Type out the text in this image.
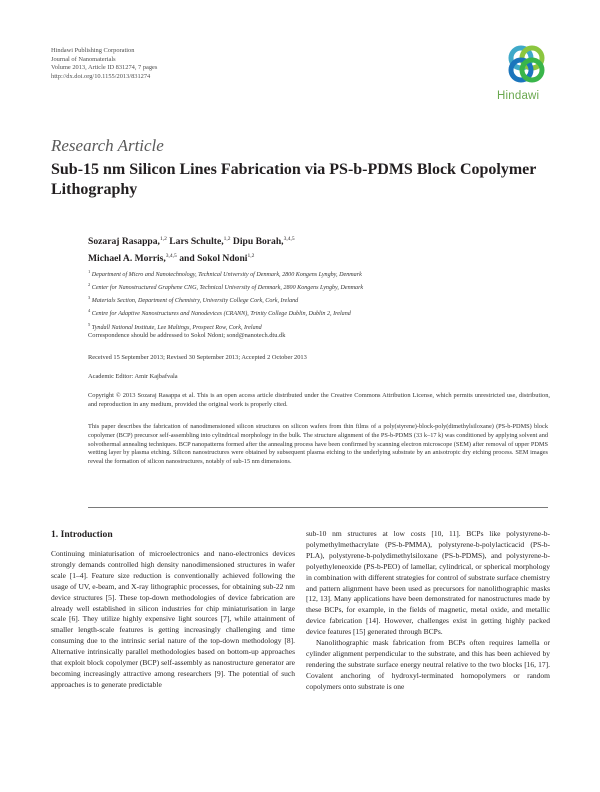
Hindawi Publishing Corporation
Journal of Nanomaterials
Volume 2013, Article ID 831274, 7 pages
http://dx.doi.org/10.1155/2013/831274
Hindawi
Research Article
Sub-15 nm Silicon Lines Fabrication via PS-b-PDMS Block Copolymer Lithography
Sozaraj Rasappa,$^{1,2}$ Lars Schulte,$^{1,2}$ Dipu Borah,$^{3,4,5}$
Michael A. Morris,$^{3,4,5}$ and Sokol Ndoni$^{1,2}$
$^1$ Department of Micro and Nanotechnology, Technical University of Denmark, 2800 Kongens Lyngby, Denmark
$^2$ Center for Nanostructured Graphene CNG, Technical University of Denmark, 2800 Kongens Lyngby, Denmark
$^3$ Materials Section, Department of Chemistry, University College Cork, Cork, Ireland
$^4$ Centre for Adaptive Nanostructures and Nanodevices (CRANN), Trinity College Dublin, Dublin 2, Ireland
$^5$ Tyndall National Institute, Lee Maltings, Prospect Row, Cork, Ireland
Correspondence should be addressed to Sokol Ndoni; sond@nanotech.dtu.dk
Received 15 September 2013; Revised 30 September 2013; Accepted 2 October 2013
Academic Editor: Amir Kajbafvala
Copyright © 2013 Sozaraj Rasappa et al. This is an open access article distributed under the Creative Commons Attribution License, which permits unrestricted use, distribution, and reproduction in any medium, provided the original work is properly cited.
This paper describes the fabrication of nanodimensioned silicon structures on silicon wafers from thin films of a poly(styrene)-block-poly(dimethylsiloxane) (PS-b-PDMS) block copolymer (BCP) precursor self-assembling into cylindrical morphology in the bulk. The structure alignment of the PS-b-PDMS (33 k–17 k) was conditioned by applying solvent and solvothermal annealing techniques. BCP nanopatterns formed after the annealing process have been confirmed by scanning electron microscope (SEM) after removal of upper PDMS wetting layer by plasma etching. Silicon nanostructures were obtained by subsequent plasma etching to the underlying substrate by an anisotropic dry etching process. SEM images reveal the formation of silicon nanostructures, notably of sub-15 nm dimensions.
1. Introduction

Continuing miniaturisation of microelectronics and nano-electronics devices strongly demands controlled high density nanodimensioned structures in wafer scale [1–4]. Feature size reduction is conventionally achieved following the usage of UV, e-beam, and X-ray lithographic processes, for obtaining sub-22 nm device structures [5]. These top-down methodologies of device fabrication are already well established in silicon industries for chip miniaturisation in large scale [6]. They utilize highly expensive light sources [7], while attainment of smaller length-scale features is getting increasingly challenging and time consuming due to the intrinsic serial nature of the top-down methodology [8]. Alternative intrinsically parallel methodologies based on bottom-up approaches that exploit block copolymer (BCP) self-assembly as nanostructure generator are becoming increasingly attractive among researchers [9]. The potential of such approaches is to generate predictable

sub-10 nm structures at low costs [10, 11]. BCPs like polystyrene-b-polymethylmethacrylate (PS-b-PMMA), polystyrene-b-polylacticacid (PS-b-PLA), polystyrene-b-polydimethylsiloxane (PS-b-PDMS), and polystyrene-b-polyethyleneoxide (PS-b-PEO) of lamellar, cylindrical, or spherical morphology in combination with different strategies for control of substrate surface chemistry and pattern alignment have been used as precursors for nanolithographic masks [12, 13]. Many applications have been demonstrated for nanostructures made by these BCPs, for example, in the fields of magnetic, metal oxide, and metallic device fabrication [14]. However, challenges exist in getting highly packed device features [15] generated through BCPs.

Nanolithographic mask fabrication from BCPs often requires lamella or cylinder alignment perpendicular to the substrate, and this has been achieved by rendering the substrate surface energy neutral relative to the two blocks [16, 17]. Covalent anchoring of hydroxyl-terminated homopolymers or random copolymers onto substrate is one
